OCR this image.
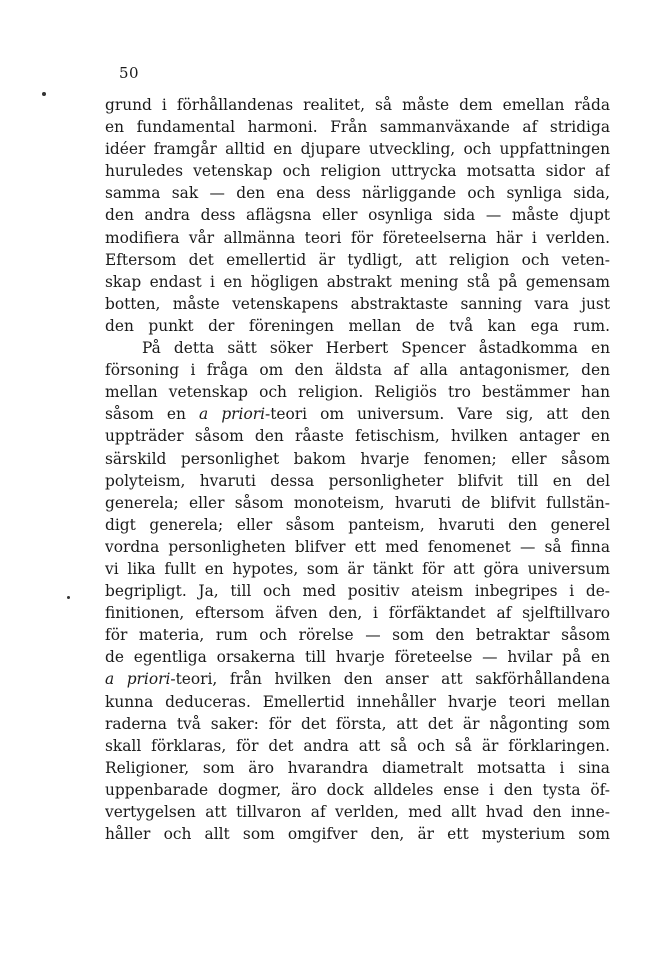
50
grund i förhållandenas realitet, så måste dem emellan råda
en fundamental harmoni. Från sammanväxande af stridiga
idéer framgår alltid en djupare utveckling, och uppfattningen
huruledes vetenskap och religion uttrycka motsatta sidor af
samma sak — den ena dess närliggande och synliga sida,
den andra dess aflägsna eller osynliga sida — måste djupt
modifiera vår allmänna teori för företeelserna här i verlden.
Eftersom det emellertid är tydligt, att religion och veten-
skap endast i en högligen abstrakt mening stå på gemensam
botten, måste vetenskapens abstraktaste sanning vara just
den punkt der föreningen mellan de två kan ega rum.
På detta sätt söker Herbert Spencer åstadkomma en
försoning i fråga om den äldsta af alla antagonismer, den
mellan vetenskap och religion. Religiös tro bestämmer han
såsom en a priori-teori om universum. Vare sig, att den
uppträder såsom den råaste fetischism, hvilken antager en
särskild personlighet bakom hvarje fenomen; eller såsom
polyteism, hvaruti dessa personligheter blifvit till en del
generela; eller såsom monoteism, hvaruti de blifvit fullstän-
digt generela; eller såsom panteism, hvaruti den generel
vordna personligheten blifver ett med fenomenet — så finna
vi lika fullt en hypotes, som är tänkt för att göra universum
begripligt. Ja, till och med positiv ateism inbegripes i de-
finitionen, eftersom äfven den, i förfäktandet af sjelftillvaro
för materia, rum och rörelse — som den betraktar såsom
de egentliga orsakerna till hvarje företeelse — hvilar på en
a priori-teori, från hvilken den anser att sakförhållandena
kunna deduceras. Emellertid innehåller hvarje teori mellan
raderna två saker: för det första, att det är någonting som
skall förklaras, för det andra att så och så är förklaringen.
Religioner, som äro hvarandra diametralt motsatta i sina
uppenbarade dogmer, äro dock alldeles ense i den tysta öf-
vertygelsen att tillvaron af verlden, med allt hvad den inne-
håller och allt som omgifver den, är ett mysterium som
